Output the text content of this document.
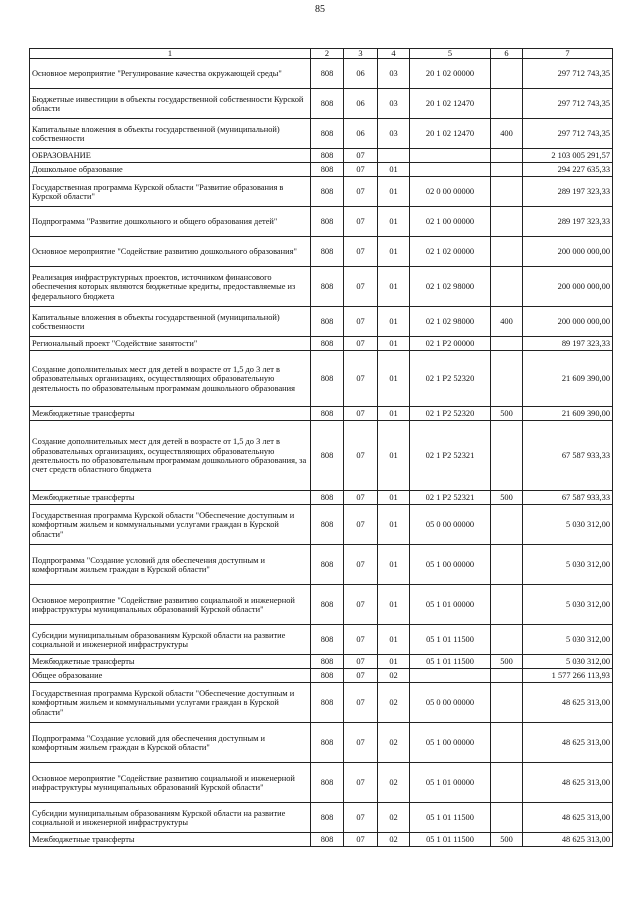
85
1	2	3	4	5	6	7
Основное мероприятие "Регулирование качества окружающей среды"	808	06	03	20 1 02 00000		297 712 743,35
Бюджетные инвестиции в объекты государственной собственности Курской области	808	06	03	20 1 02 12470		297 712 743,35
Капитальные вложения в объекты государственной (муниципальной) собственности	808	06	03	20 1 02 12470	400	297 712 743,35
ОБРАЗОВАНИЕ	808	07				2 103 005 291,57
Дошкольное образование	808	07	01			294 227 635,33
Государственная программа Курской области "Развитие образования в Курской области"	808	07	01	02 0 00 00000		289 197 323,33
Подпрограмма "Развитие дошкольного и общего образования детей"	808	07	01	02 1 00 00000		289 197 323,33
Основное мероприятие "Содействие развитию дошкольного образования"	808	07	01	02 1 02 00000		200 000 000,00
Реализация инфраструктурных проектов, источником финансового обеспечения которых являются бюджетные кредиты, предоставляемые из федерального бюджета	808	07	01	02 1 02 98000		200 000 000,00
Капитальные вложения в объекты государственной (муниципальной) собственности	808	07	01	02 1 02 98000	400	200 000 000,00
Региональный проект "Содействие занятости"	808	07	01	02 1 P2 00000		89 197 323,33
Создание дополнительных мест для детей в возрасте от 1,5 до 3 лет в образовательных организациях, осуществляющих образовательную деятельность по образовательным программам дошкольного образования	808	07	01	02 1 P2 52320		21 609 390,00
Межбюджетные трансферты	808	07	01	02 1 P2 52320	500	21 609 390,00
Создание дополнительных мест для детей в возрасте от 1,5 до 3 лет в образовательных организациях, осуществляющих образовательную деятельность по образовательным программам дошкольного образования, за счет средств областного бюджета	808	07	01	02 1 P2 52321		67 587 933,33
Межбюджетные трансферты	808	07	01	02 1 P2 52321	500	67 587 933,33
Государственная программа Курской области "Обеспечение доступным и комфортным жильем и коммунальными услугами граждан в Курской области"	808	07	01	05 0 00 00000		5 030 312,00
Подпрограмма "Создание условий для обеспечения доступным и комфортным жильем граждан в Курской области"	808	07	01	05 1 00 00000		5 030 312,00
Основное мероприятие "Содействие развитию социальной и инженерной инфраструктуры муниципальных образований Курской области"	808	07	01	05 1 01 00000		5 030 312,00
Субсидии муниципальным образованиям Курской области на развитие социальной и инженерной инфраструктуры	808	07	01	05 1 01 11500		5 030 312,00
Межбюджетные трансферты	808	07	01	05 1 01 11500	500	5 030 312,00
Общее образование	808	07	02			1 577 266 113,93
Государственная программа Курской области "Обеспечение доступным и комфортным жильем и коммунальными услугами граждан в Курской области"	808	07	02	05 0 00 00000		48 625 313,00
Подпрограмма "Создание условий для обеспечения доступным и комфортным жильем граждан в Курской области"	808	07	02	05 1 00 00000		48 625 313,00
Основное мероприятие "Содействие развитию социальной и инженерной инфраструктуры муниципальных образований Курской области"	808	07	02	05 1 01 00000		48 625 313,00
Субсидии муниципальным образованиям Курской области на развитие социальной и инженерной инфраструктуры	808	07	02	05 1 01 11500		48 625 313,00
Межбюджетные трансферты	808	07	02	05 1 01 11500	500	48 625 313,00
